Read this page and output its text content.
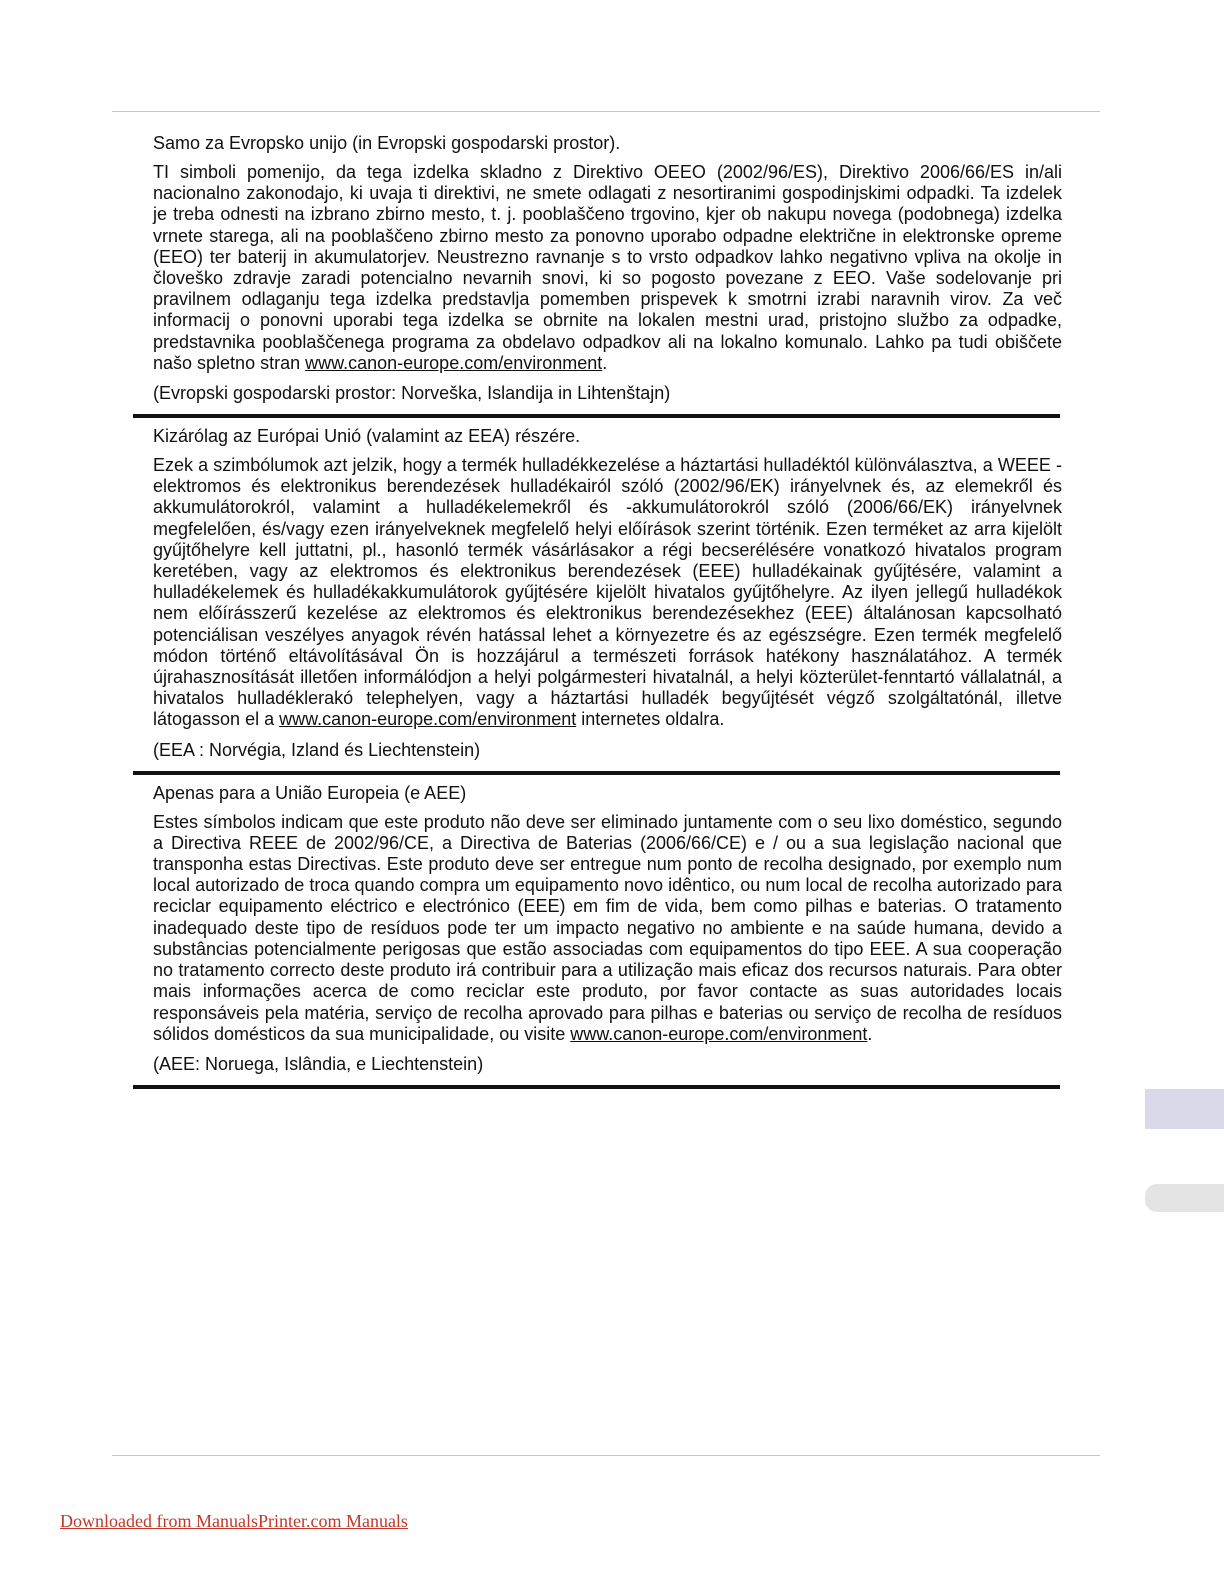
Samo za Evropsko unijo (in Evropski gospodarski prostor).

TI simboli pomenijo, da tega izdelka skladno z Direktivo OEEO (2002/96/ES), Direktivo 2006/66/ES in/ali nacionalno zakonodajo, ki uvaja ti direktivi, ne smete odlagati z nesortiranimi gospodinjskimi odpadki. Ta izdelek je treba odnesti na izbrano zbirno mesto, t. j. pooblaščeno trgovino, kjer ob nakupu novega (podobnega) izdelka vrnete starega, ali na pooblaščeno zbirno mesto za ponovno uporabo odpadne električne in elektronske opreme (EEO) ter baterij in akumulatorjev. Neustrezno ravnanje s to vrsto odpadkov lahko negativno vpliva na okolje in človeško zdravje zaradi potencialno nevarnih snovi, ki so pogosto povezane z EEO. Vaše sodelovanje pri pravilnem odlaganju tega izdelka predstavlja pomemben prispevek k smotrni izrabi naravnih virov. Za več informacij o ponovni uporabi tega izdelka se obrnite na lokalen mestni urad, pristojno službo za odpadke, predstavnika pooblaščenega programa za obdelavo odpadkov ali na lokalno komunalo. Lahko pa tudi obiščete našo spletno stran www.canon-europe.com/environment.

(Evropski gospodarski prostor: Norveška, Islandija in Lihtenštajn)
Kizárólag az Európai Unió (valamint az EEA) részére.

Ezek a szimbólumok azt jelzik, hogy a termék hulladékkezelése a háztartási hulladéktól különválasztva, a WEEE - elektromos és elektronikus berendezések hulladékairól szóló (2002/96/EK) irányelvnek és, az elemekről és akkumulátorokról, valamint a hulladékelemekről és -akkumulátorokról szóló (2006/66/EK) irányelvnek megfelelően, és/vagy ezen irányelveknek megfelelő helyi előírások szerint történik. Ezen terméket az arra kijelölt gyűjtőhelyre kell juttatni, pl., hasonló termék vásárlásakor a régi becserélésére vonatkozó hivatalos program keretében, vagy az elektromos és elektronikus berendezések (EEE) hulladékainak gyűjtésére, valamint a hulladékelemek és hulladékakkumulátorok gyűjtésére kijelölt hivatalos gyűjtőhelyre. Az ilyen jellegű hulladékok nem előírásszerű kezelése az elektromos és elektronikus berendezésekhez (EEE) általánosan kapcsolható potenciálisan veszélyes anyagok révén hatással lehet a környezetre és az egészségre. Ezen termék megfelelő módon történő eltávolításával Ön is hozzájárul a természeti források hatékony használatához. A termék újrahasznosítását illetően informálódjon a helyi polgármesteri hivatalnál, a helyi közterület-fenntartó vállalatnál, a hivatalos hulladéklerakó telephelyen, vagy a háztartási hulladék begyűjtését végző szolgáltatónál, illetve látogasson el a www.canon-europe.com/environment internetes oldalra.

(EEA : Norvégia, Izland és Liechtenstein)
Apenas para a União Europeia (e AEE)

Estes símbolos indicam que este produto não deve ser eliminado juntamente com o seu lixo doméstico, segundo a Directiva REEE de 2002/96/CE, a Directiva de Baterias (2006/66/CE) e / ou a sua legislação nacional que transponha estas Directivas. Este produto deve ser entregue num ponto de recolha designado, por exemplo num local autorizado de troca quando compra um equipamento novo idêntico, ou num local de recolha autorizado para reciclar equipamento eléctrico e electrónico (EEE) em fim de vida, bem como pilhas e baterias. O tratamento inadequado deste tipo de resíduos pode ter um impacto negativo no ambiente e na saúde humana, devido a substâncias potencialmente perigosas que estão associadas com equipamentos do tipo EEE. A sua cooperação no tratamento correcto deste produto irá contribuir para a utilização mais eficaz dos recursos naturais. Para obter mais informações acerca de como reciclar este produto, por favor contacte as suas autoridades locais responsáveis pela matéria, serviço de recolha aprovado para pilhas e baterias ou serviço de recolha de resíduos sólidos domésticos da sua municipalidade, ou visite www.canon-europe.com/environment.

(AEE: Noruega, Islândia, e Liechtenstein)
Downloaded from ManualsPrinter.com Manuals
